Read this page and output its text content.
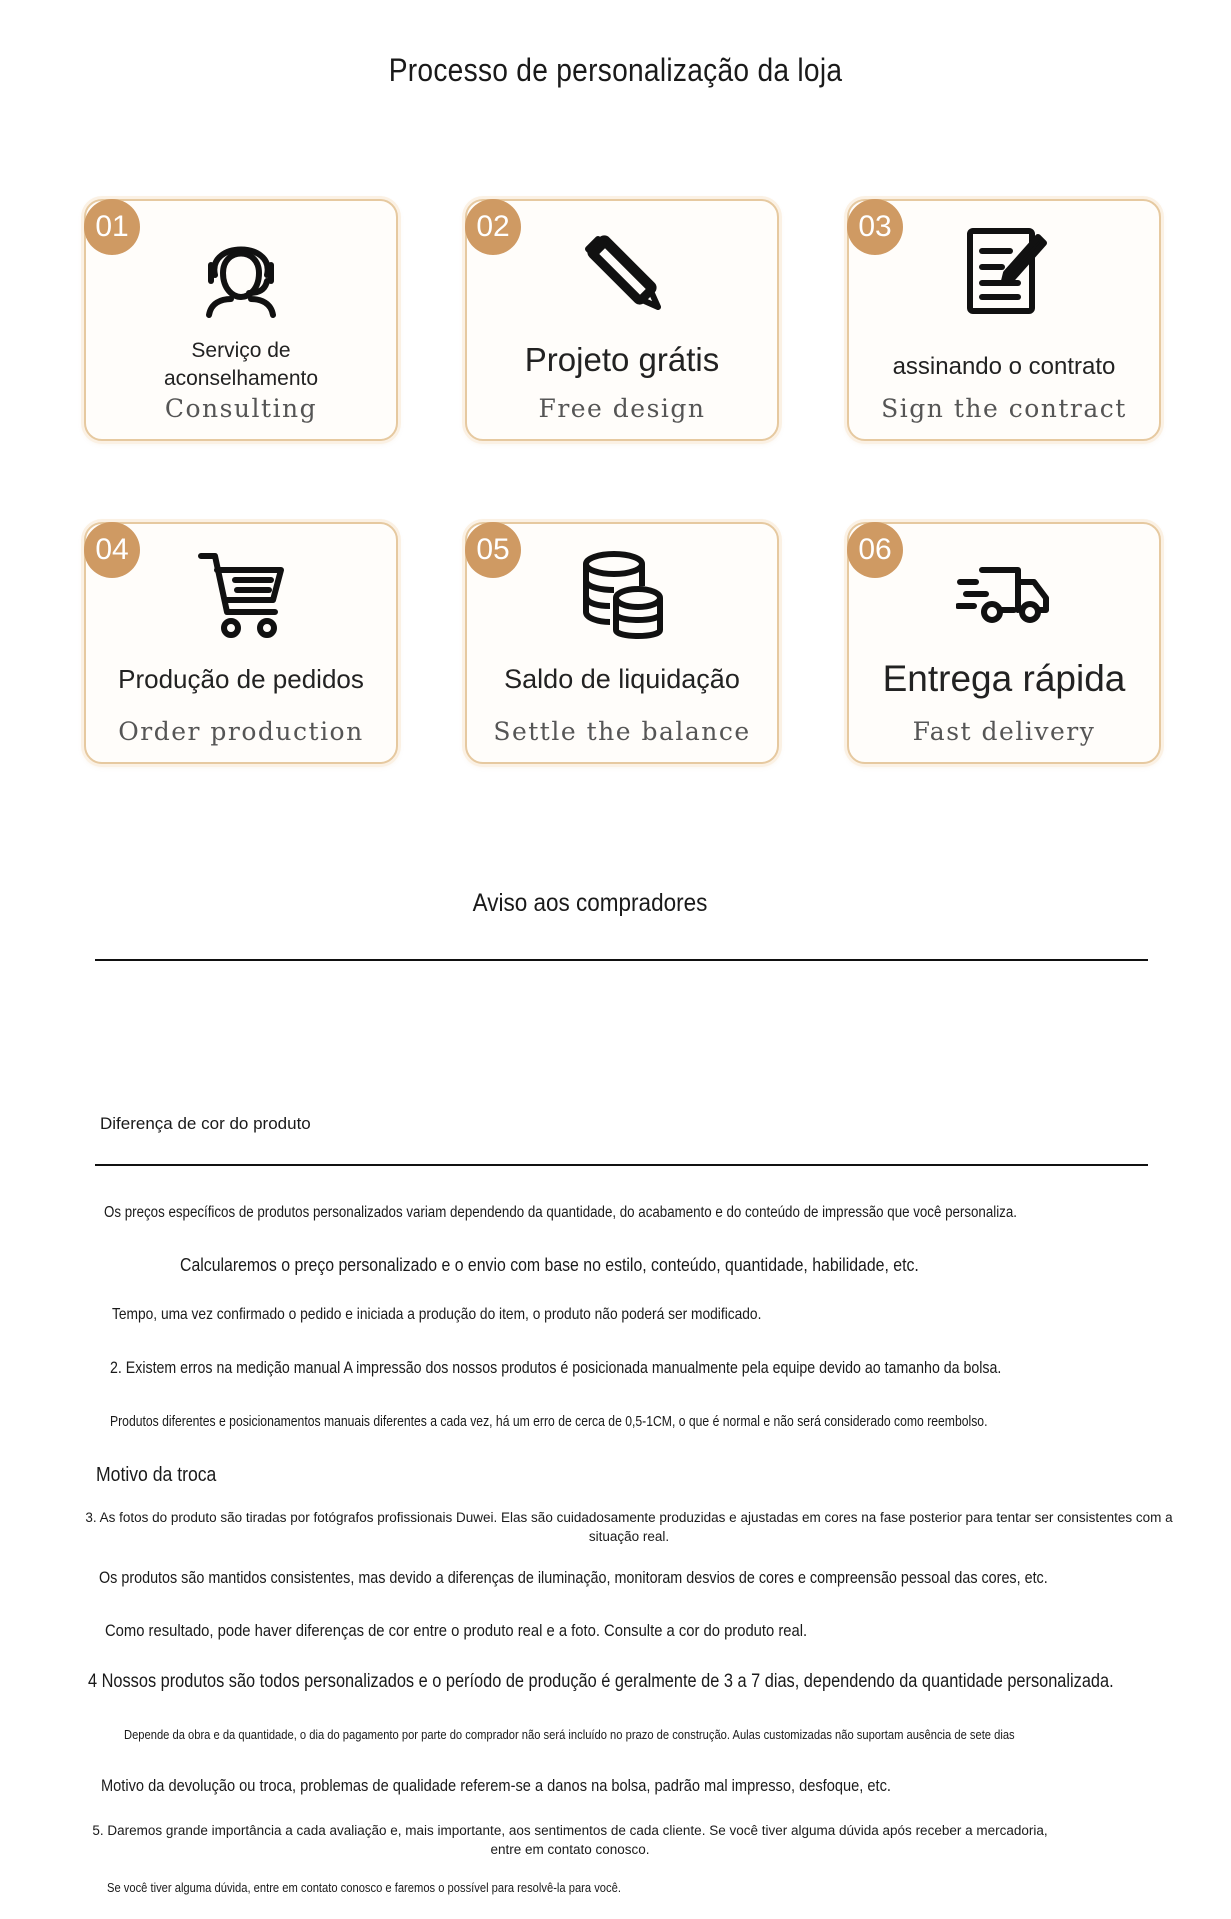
Processo de personalização da loja
01
Serviço de aconselhamento
Consulting
02
Projeto grátis
Free design
03
assinando o contrato
Sign the contract
04
Produção de pedidos
Order production
05
Saldo de liquidação
Settle the balance
06
Entrega rápida
Fast delivery
Aviso aos compradores
Diferença de cor do produto
Os preços específicos de produtos personalizados variam dependendo da quantidade, do acabamento e do conteúdo de impressão que você personaliza.
Calcularemos o preço personalizado e o envio com base no estilo, conteúdo, quantidade, habilidade, etc.
Tempo, uma vez confirmado o pedido e iniciada a produção do item, o produto não poderá ser modificado.
2. Existem erros na medição manual A impressão dos nossos produtos é posicionada manualmente pela equipe devido ao tamanho da bolsa.
Produtos diferentes e posicionamentos manuais diferentes a cada vez, há um erro de cerca de 0,5-1CM, o que é normal e não será considerado como reembolso.
Motivo da troca
3. As fotos do produto são tiradas por fotógrafos profissionais Duwei. Elas são cuidadosamente produzidas e ajustadas em cores na fase posterior para tentar ser consistentes com a situação real.
Os produtos são mantidos consistentes, mas devido a diferenças de iluminação, monitoram desvios de cores e compreensão pessoal das cores, etc.
Como resultado, pode haver diferenças de cor entre o produto real e a foto. Consulte a cor do produto real.
4 Nossos produtos são todos personalizados e o período de produção é geralmente de 3 a 7 dias, dependendo da quantidade personalizada.
Depende da obra e da quantidade, o dia do pagamento por parte do comprador não será incluído no prazo de construção. Aulas customizadas não suportam ausência de sete dias
Motivo da devolução ou troca, problemas de qualidade referem-se a danos na bolsa, padrão mal impresso, desfoque, etc.
5. Daremos grande importância a cada avaliação e, mais importante, aos sentimentos de cada cliente. Se você tiver alguma dúvida após receber a mercadoria, entre em contato conosco.
Se você tiver alguma dúvida, entre em contato conosco e faremos o possível para resolvê-la para você.
